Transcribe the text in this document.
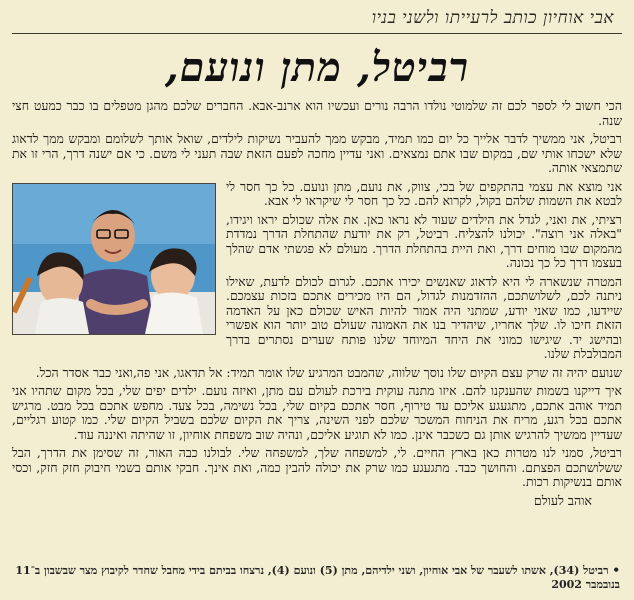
אבי אוחיון כותב לרעייתו ולשני בניו
רביטל, מתן ונועם,

הכי חשוב לי לספר לכם זה שלמוטי נולדו הרבה נורים ועכשיו הוא ארנב-אבא. החברים שלכם מהגן מטפלים בו כבר כמעט חצי שנה.

רביטל, אני ממשיך לדבר אלייך כל יום כמו תמיד, מבקש ממך להעביר נשיקות לילדים, שואל אותך לשלומם ומבקש ממך לדאוג שלא ישכחו אותי שם, במקום שבו אתם נמצאים. ואני עדיין מחכה לפעם הזאת שבה תעני לי משם. כי אם ישנה דרך, הרי זו את שתמצאי אותה.

אני מוצא את עצמי בהתקפים של בכי, צווק, את נועם, מתן ונועם. כל כך חסר לי לבטא את השמות שלהם בקול, לקרוא להם. כל כך חסר לי שיקראו לי אבא.

רציתי, את ואני, לגדל את הילדים שעוד לא נראו כאן. את אלה שכולם יראו ויגידו, "באלה אני רוצה". יכולנו להצליח. רביטל, רק את יודעת שהתחלת הדרך נמדדת מהמקום שבו מוחים דרך, ואת היית בהתחלת הדרך. מעולם לא פגשתי אדם שהלך בעצמו דרך כל כך נכונה.

המטרה שנשארה לי היא לדאוג שאנשים יכירו אתכם. לגרום לכולם לדעת, שאילו ניתנה לכם, לשלושתכם, ההזדמנות לגדול, הם היו מכירים אתכם בזכות עצמכם. שיידעו, כמו שאני יודע, שמתני היה אמור להיות האיש שכולם כאן על האדמה הזאת חיכו לו. שלך אחריו, שיהדיר בנו את האמונה שעולם טוב יותר הוא אפשרי ובהישג יד. שיגישו כמוני את היחד המיוחד שלנו פותח שערים נסתרים בדרך המבולבלת שלנו.

שנועם יהיה זה שרק עצם הקיום שלו נוסך שלווה, שהמבט המרגיע שלו אומר תמיד: אל תדאגו, אני פה,ואני כבר אסדר הכל.

איך דייקנו בשמות שהענקנו להם. איזו מתנה עוקית בירכת לעולם עם מתן, ואיזה נועם. ילדים יפים שלי, בכל מקום שתהיו אני תמיד אוהב אתכם, מתגעגע אליכם עד טירוף, חסר אתכם בקיום שלי, בכל נשימה, בכל צעד. מחפש אתכם בכל מבט. מרגיש אתכם בכל רגע, מריח את הניחוח המשכר שלכם לפני השינה, צריך את הקיום שלכם בשביל הקיום שלי. כמו קטוע רגליים, שעדיין ממשיך להרגיש אותן גם כשכבר אינן. כמו לא תוגיע אליכם, ונהיה שוב משפחת אוחיון, זו שהיתה ואיננה עוד.

רביטל, סמני לנו מטרות כאן בארץ החיים. לי, למשפחה שלך, למשפחה שלי. לבולנו כבה האור, זה שסימן את הדרך, הבל ששלושתכם הפצתם. והחושך כבד. מתגעגע כמו שרק את יכולה להבין כמה, ואת אינך. חבקי אותם בשמי חיבוק חזק חזק, וכסי אותם בנשיקות רכות.

אוהב לעולם
• רביטל (34), אשתו לשעבר של אבי אוחיון, ושני ילדיהם, מתן (5) ונועם (4), נרצחו בביתם בידי מחבל שחדר לקיבוץ מצר שבשבון ב־11 בנובמבר 2002
